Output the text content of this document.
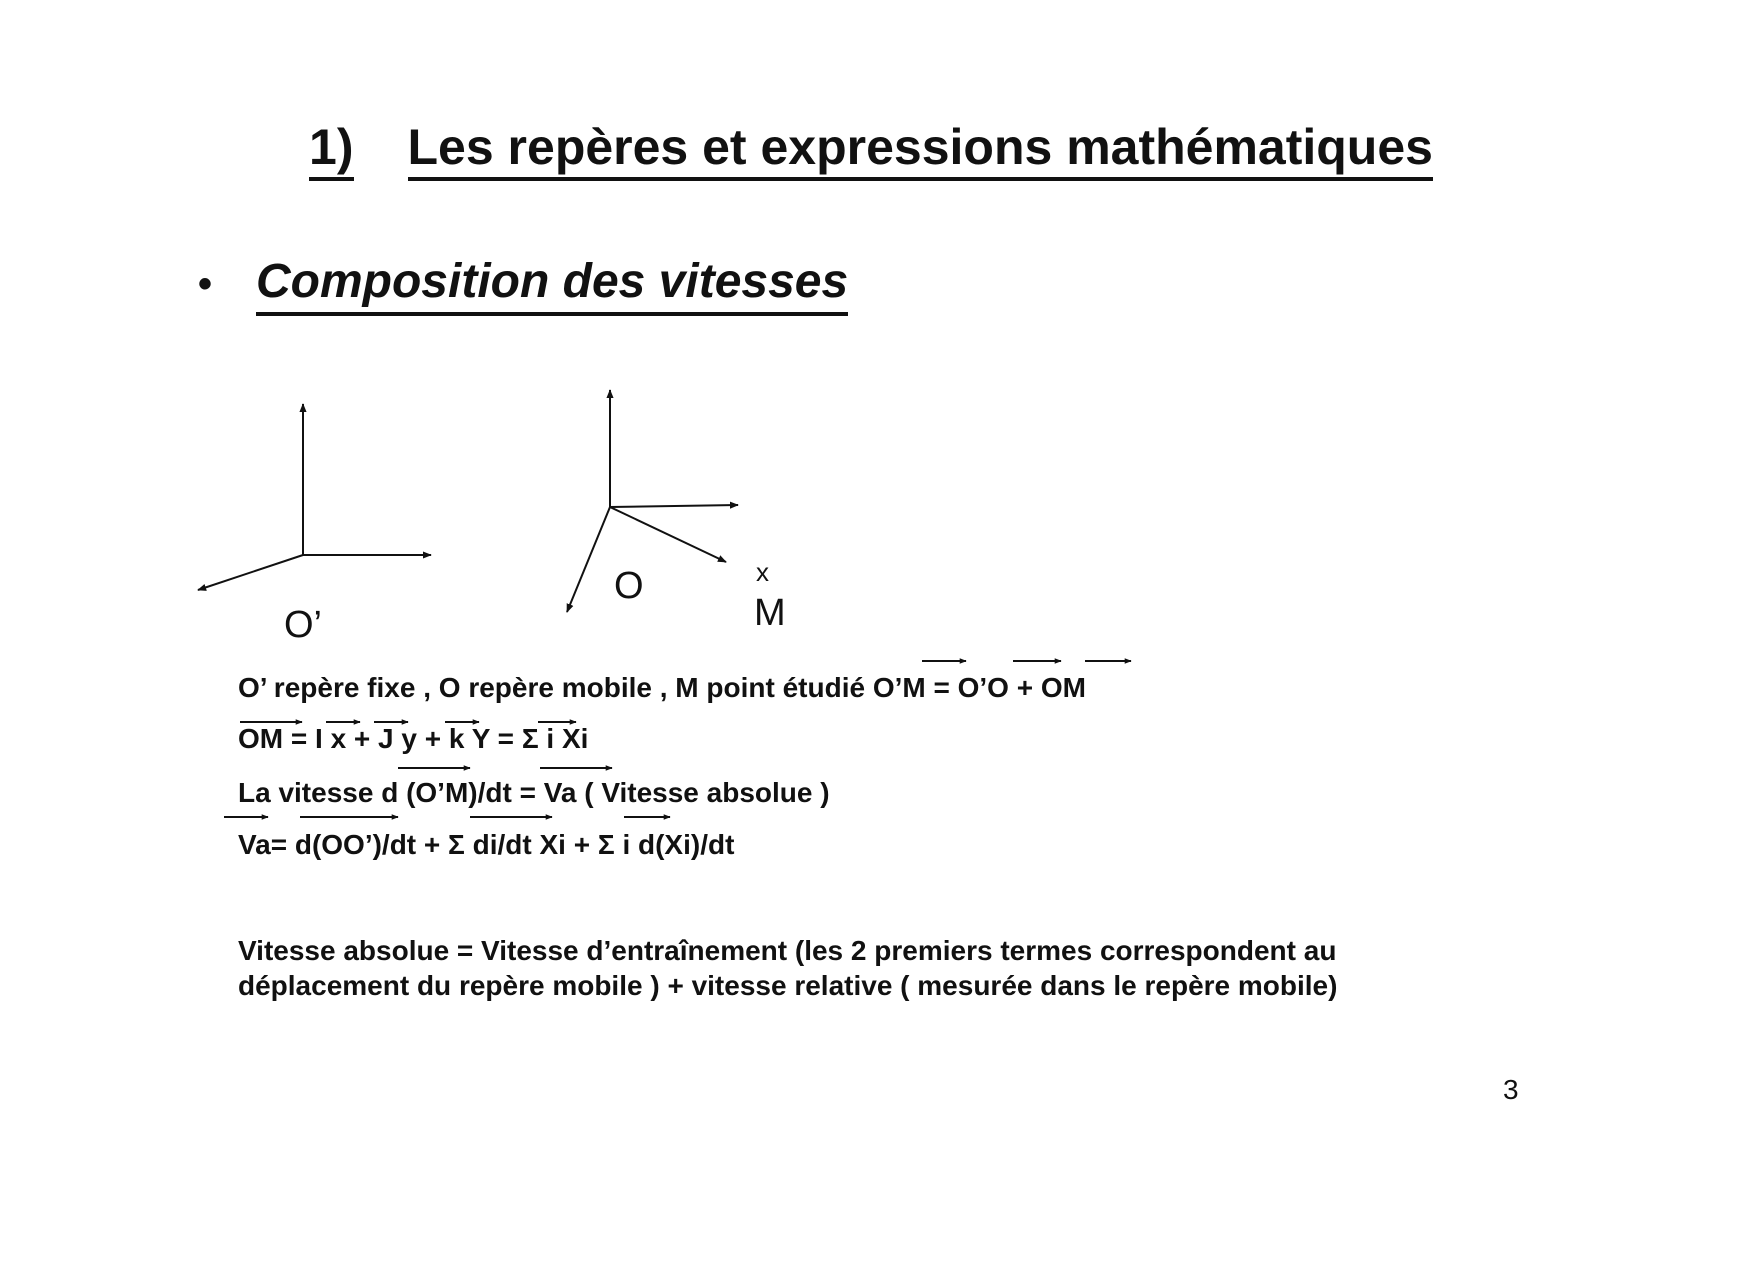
1) Les repères et expressions mathématiques
• Composition des vitesses
O’
O	x
M
O’ repère fixe , O repère mobile , M point étudié O’M = O’O + OM
OM = I x + J y + k Y = Σ i Xi
La vitesse d (O’M)/dt = Va ( Vitesse absolue )
Va= d(OO’)/dt + Σ di/dt Xi + Σ i d(Xi)/dt
Vitesse absolue = Vitesse d’entraînement (les 2 premiers termes correspondent au
déplacement du repère mobile ) + vitesse relative ( mesurée dans le repère mobile)
3
